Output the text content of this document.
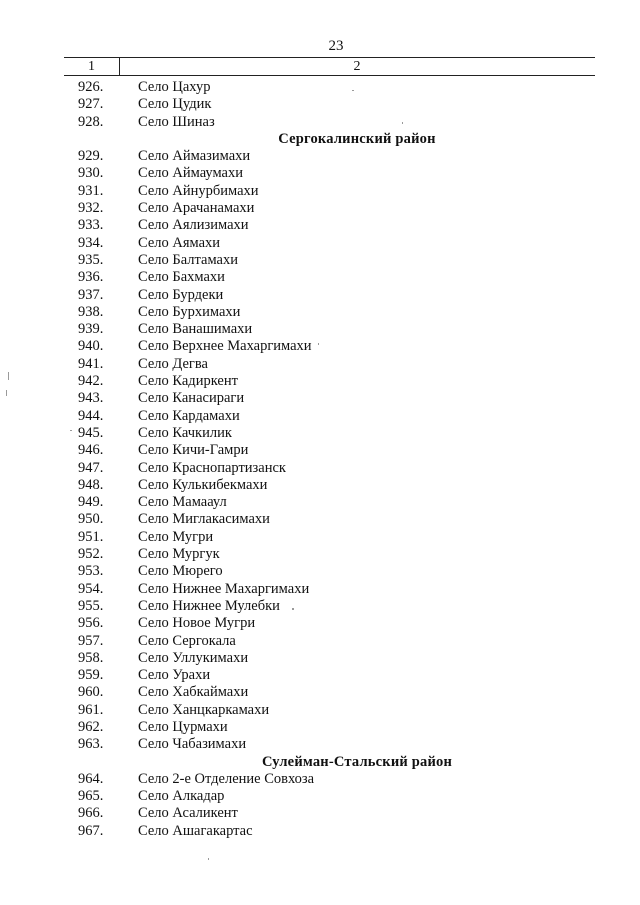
23
1	2
926.	Село Цахур
927.	Село Цудик
928.	Село Шиназ
Сергокалинский район
929.	Село Аймазимахи
930.	Село Аймаумахи
931.	Село Айнурбимахи
932.	Село Арачанамахи
933.	Село Аялизимахи
934.	Село Аямахи
935.	Село Балтамахи
936.	Село Бахмахи
937.	Село Бурдеки
938.	Село Бурхимахи
939.	Село Ванашимахи
940.	Село Верхнее Махаргимахи
941.	Село Дегва
942.	Село Кадиркент
943.	Село Канасираги
944.	Село Кардамахи
945.	Село Качкилик
946.	Село Кичи-Гамри
947.	Село Краснопартизанск
948.	Село Кулькибекмахи
949.	Село Мамааул
950.	Село Миглакасимахи
951.	Село Мугри
952.	Село Мургук
953.	Село Мюрего
954.	Село Нижнее Махаргимахи
955.	Село Нижнее Мулебки
956.	Село Новое Мугри
957.	Село Сергокала
958.	Село Уллукимахи
959.	Село Урахи
960.	Село Хабкаймахи
961.	Село Ханцкаркамахи
962.	Село Цурмахи
963.	Село Чабазимахи
Сулейман-Стальский район
964.	Село 2-е Отделение Совхоза
965.	Село Алкадар
966.	Село Асаликент
967.	Село Ашагакартас
